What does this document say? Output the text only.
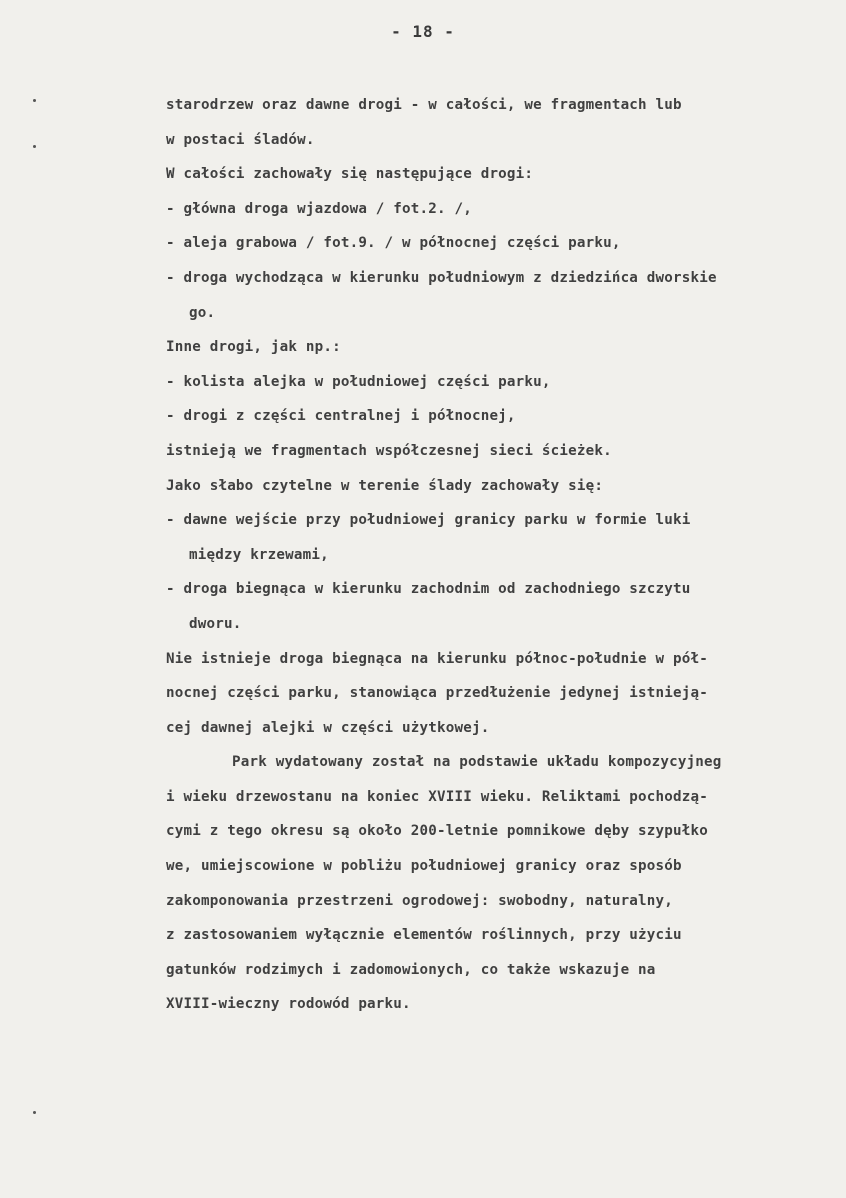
- 18 -
starodrzew oraz dawne drogi - w całości, we fragmentach lub
w postaci śladów.
W całości zachowały się następujące drogi:
- główna droga wjazdowa / fot.2. /,
- aleja grabowa / fot.9. / w północnej części parku,
- droga wychodząca w kierunku południowym z dziedzińca dworskie
go.
Inne drogi, jak np.:
- kolista alejka w południowej części parku,
- drogi z części centralnej i północnej,
istnieją we fragmentach współczesnej sieci ścieżek.
Jako słabo czytelne w terenie ślady zachowały się:
- dawne wejście przy południowej granicy parku w formie luki
między krzewami,
- droga biegnąca w kierunku zachodnim od zachodniego szczytu
dworu.
Nie istnieje droga biegnąca na kierunku północ-południe w pół-
nocnej części parku, stanowiąca przedłużenie jedynej istnieją-
cej dawnej alejki w części użytkowej.
Park wydatowany został na podstawie układu kompozycyjneg
i wieku drzewostanu na koniec XVIII wieku. Reliktami pochodzą-
cymi z tego okresu są około 200-letnie pomnikowe dęby szypułko
we, umiejscowione w pobliżu południowej granicy oraz sposób
zakomponowania przestrzeni ogrodowej: swobodny, naturalny,
z zastosowaniem wyłącznie elementów roślinnych, przy użyciu
gatunków rodzimych i zadomowionych, co także wskazuje na
XVIII-wieczny rodowód parku.
